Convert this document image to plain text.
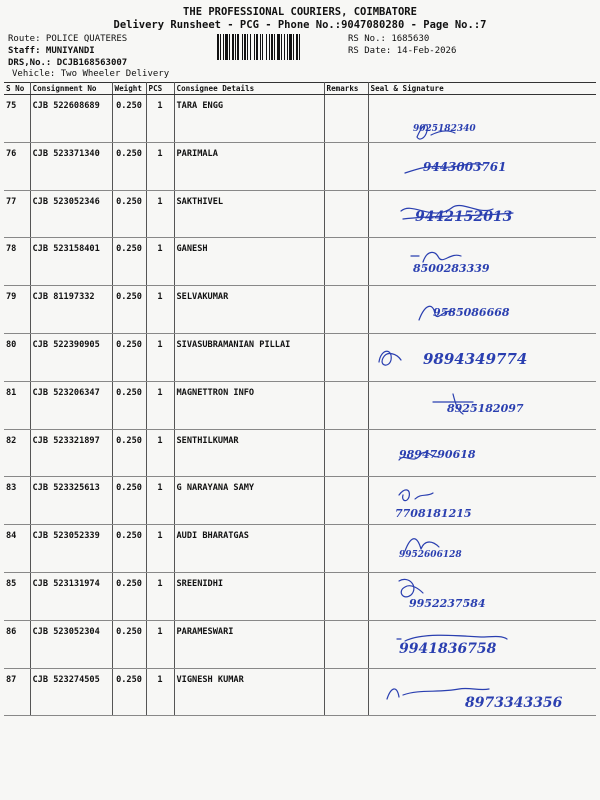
THE PROFESSIONAL COURIERS, COIMBATORE
Delivery Runsheet - PCG - Phone No.:9047080280 - Page No.:7
Route: POLICE QUATERES
Staff: MUNIYANDI
DRS,No.: DCJB168563007
Vehicle: Two Wheeler Delivery
RS No.: 1685630
RS Date: 14-Feb-2026
S No	Consignment No	Weight	PCS	Consignee Details	Remarks	Seal & Signature
75	CJB 522608689	0.250	1	TARA ENGG		9025182340

76	CJB 523371340	0.250	1	PARIMALA		9443003761

77	CJB 523052346	0.250	1	SAKTHIVEL		9442152013

78	CJB 523158401	0.250	1	GANESH		8500283339

79	CJB 81197332	0.250	1	SELVAKUMAR		9585086668

80	CJB 522390905	0.250	1	SIVASUBRAMANIAN PILLAI		9894349774

81	CJB 523206347	0.250	1	MAGNETTRON INFO		8925182097

82	CJB 523321897	0.250	1	SENTHILKUMAR		9894790618

83	CJB 523325613	0.250	1	G NARAYANA SAMY		7708181215

84	CJB 523052339	0.250	1	AUDI BHARATGAS		9952606128

85	CJB 523131974	0.250	1	SREENIDHI		9952237584

86	CJB 523052304	0.250	1	PARAMESWARI		9941836758

87	CJB 523274505	0.250	1	VIGNESH KUMAR		8973343356
